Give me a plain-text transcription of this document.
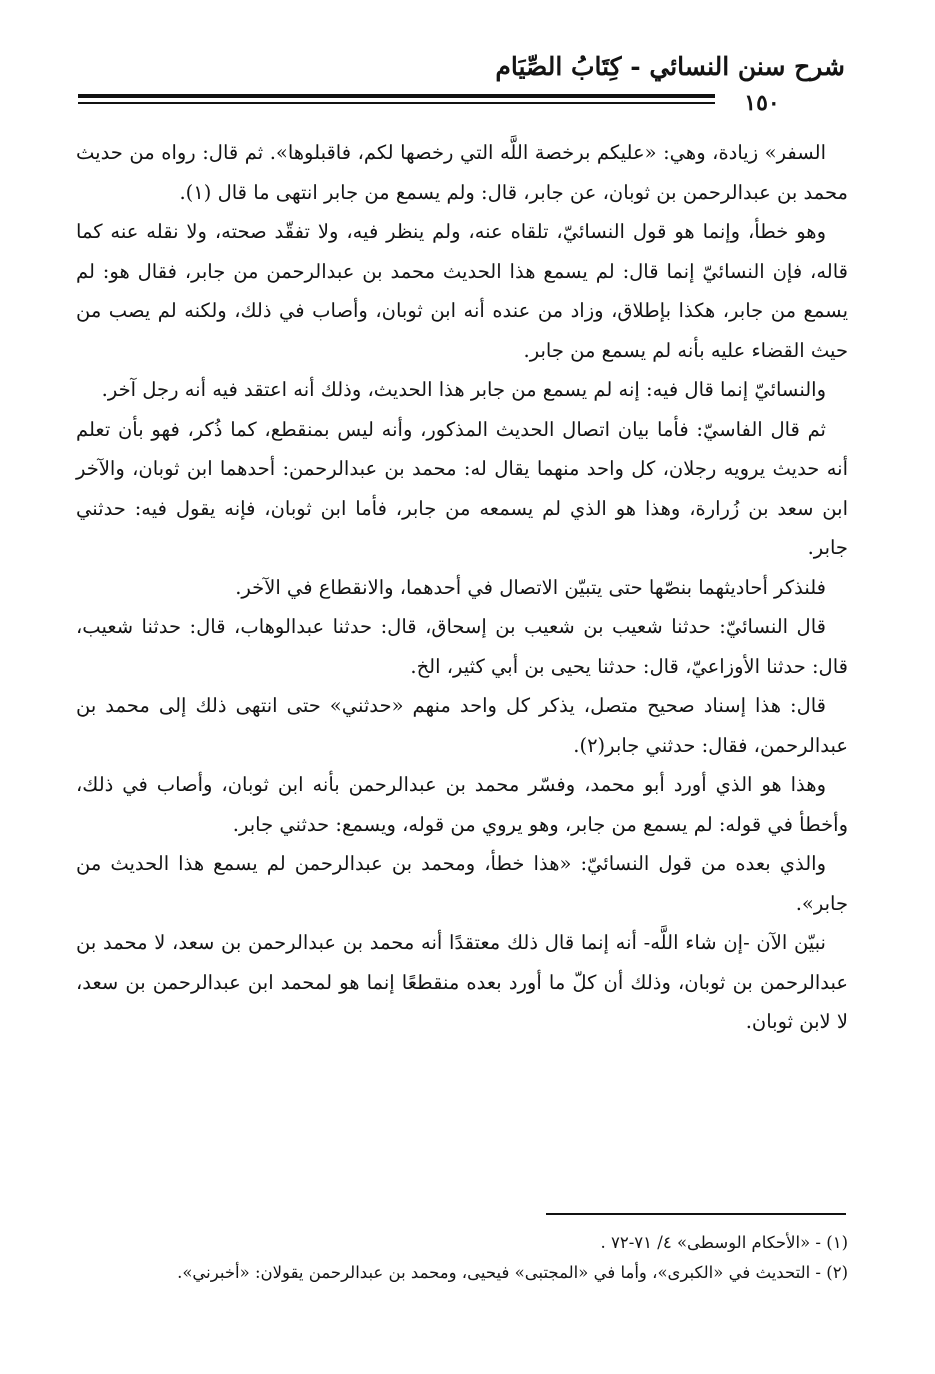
شرح سنن النسائي - كِتَابُ الصِّيَام
١٥٠

السفر» زيادة، وهي: «عليكم برخصة اللَّه التي رخصها لكم، فاقبلوها». ثم قال: رواه من حديث محمد بن عبدالرحمن بن ثوبان، عن جابر، قال: ولم يسمع من جابر انتهى ما قال (١).

وهو خطأ، وإنما هو قول النسائيّ، تلقاه عنه، ولم ينظر فيه، ولا تفقّد صحته، ولا نقله عنه كما قاله، فإن النسائيّ إنما قال: لم يسمع هذا الحديث محمد بن عبدالرحمن من جابر، فقال هو: لم يسمع من جابر، هكذا بإطلاق، وزاد من عنده أنه ابن ثوبان، وأصاب في ذلك، ولكنه لم يصب من حيث القضاء عليه بأنه لم يسمع من جابر.

والنسائيّ إنما قال فيه: إنه لم يسمع من جابر هذا الحديث، وذلك أنه اعتقد فيه أنه رجل آخر.

ثم قال الفاسيّ: فأما بيان اتصال الحديث المذكور، وأنه ليس بمنقطع، كما ذُكر، فهو بأن تعلم أنه حديث يرويه رجلان، كل واحد منهما يقال له: محمد بن عبدالرحمن: أحدهما ابن ثوبان، والآخر ابن سعد بن زُرارة، وهذا هو الذي لم يسمعه من جابر، فأما ابن ثوبان، فإنه يقول فيه: حدثني جابر.

فلنذكر أحاديثهما بنصّها حتى يتبيّن الاتصال في أحدهما، والانقطاع في الآخر.

قال النسائيّ: حدثنا شعيب بن شعيب بن إسحاق، قال: حدثنا عبدالوهاب، قال: حدثنا شعيب، قال: حدثنا الأوزاعيّ، قال: حدثنا يحيى بن أبي كثير، الخ.

قال: هذا إسناد صحيح متصل، يذكر كل واحد منهم «حدثني» حتى انتهى ذلك إلى محمد بن عبدالرحمن، فقال: حدثني جابر(٢).

وهذا هو الذي أورد أبو محمد، وفسّر محمد بن عبدالرحمن بأنه ابن ثوبان، وأصاب في ذلك، وأخطأ في قوله: لم يسمع من جابر، وهو يروي من قوله، ويسمع: حدثني جابر.

والذي بعده من قول النسائيّ: «هذا خطأ، ومحمد بن عبدالرحمن لم يسمع هذا الحديث من جابر».

نبيّن الآن -إن شاء اللَّه- أنه إنما قال ذلك معتقدًا أنه محمد بن عبدالرحمن بن سعد، لا محمد بن عبدالرحمن بن ثوبان، وذلك أن كلّ ما أورد بعده منقطعًا إنما هو لمحمد ابن عبدالرحمن بن سعد، لا لابن ثوبان.

(١) - «الأحكام الوسطى» ٤/ ٧١-٧٢ .

(٢) - التحديث في «الكبرى»، وأما في «المجتبى» فيحيى، ومحمد بن عبدالرحمن يقولان: «أخبرني».
